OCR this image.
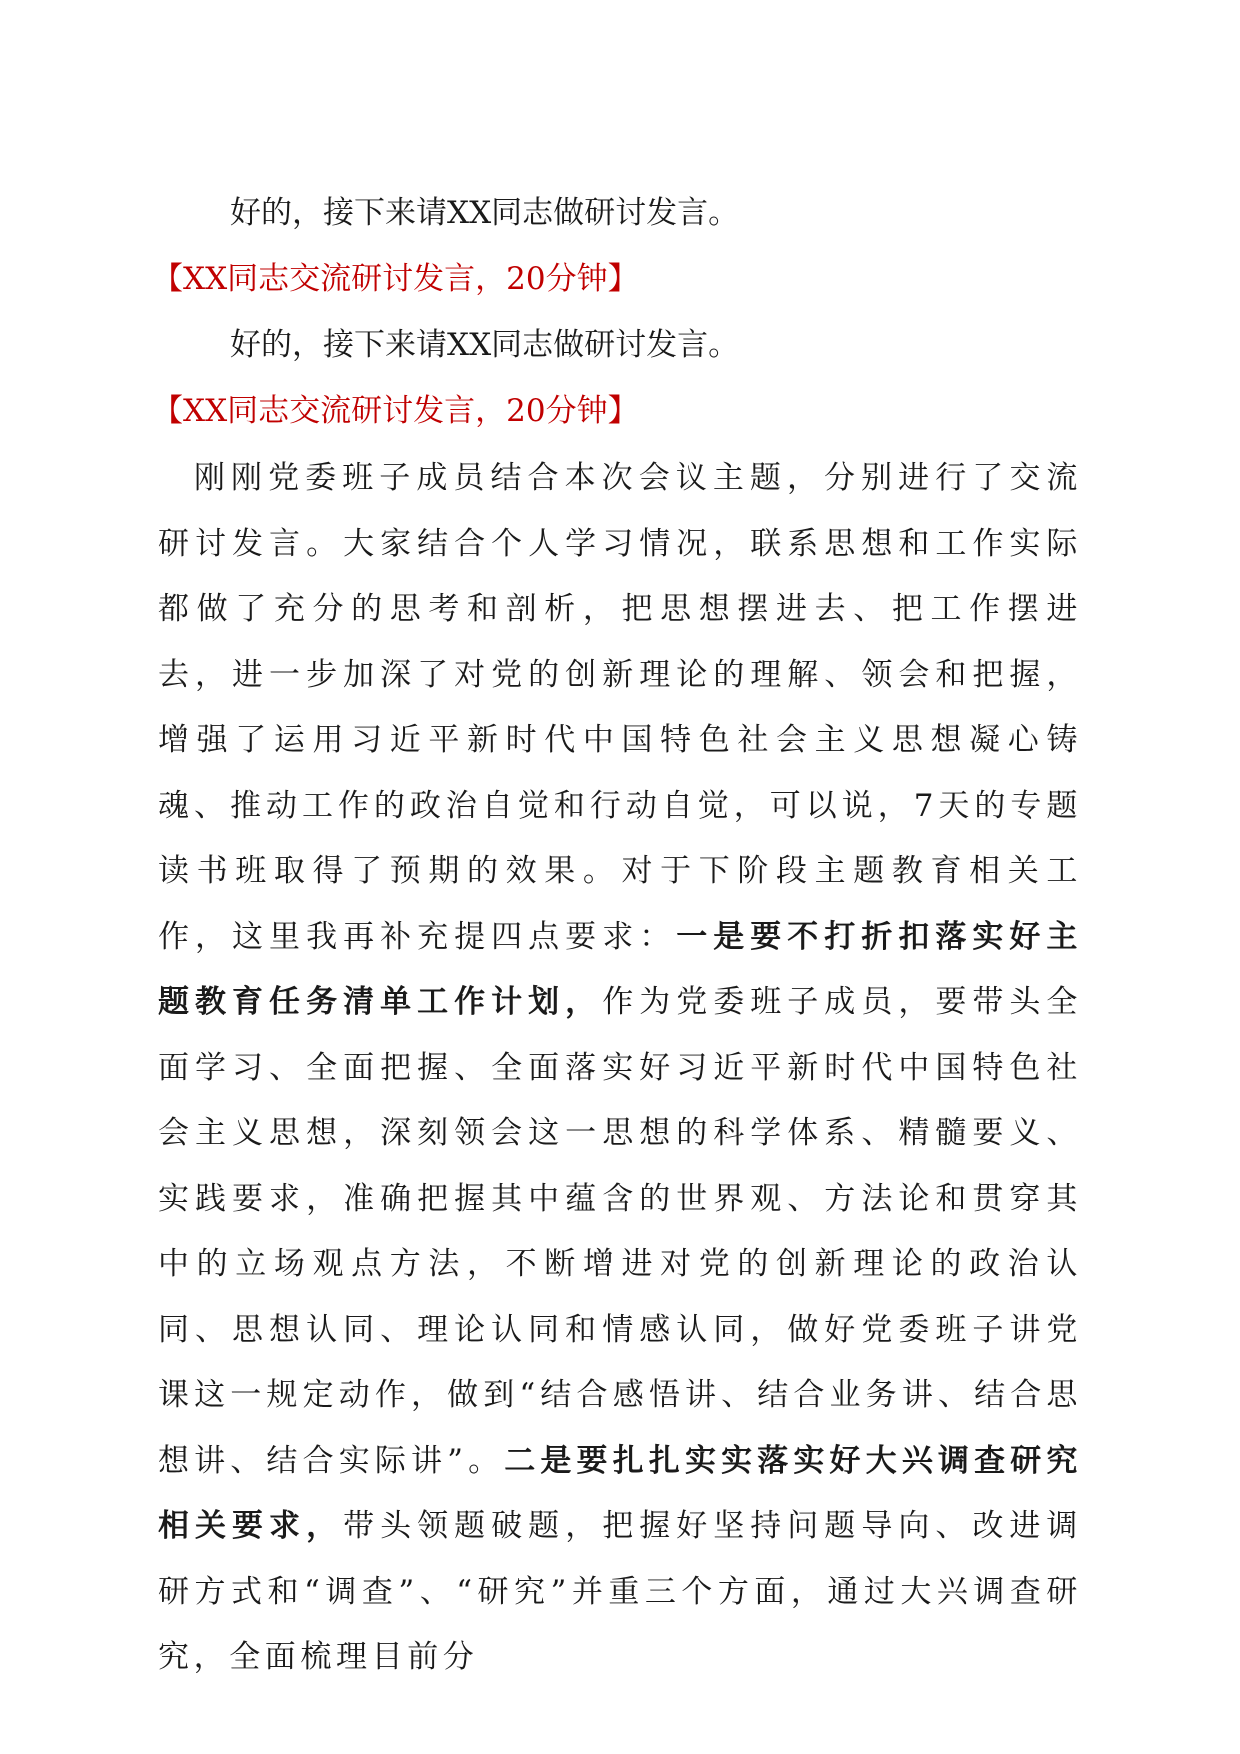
好的，接下来请XX同志做研讨发言。
【XX同志交流研讨发言，20分钟】
好的，接下来请XX同志做研讨发言。
【XX同志交流研讨发言，20分钟】
刚刚党委班子成员结合本次会议主题，分别进行了交流研讨发言。大家结合个人学习情况，联系思想和工作实际都做了充分的思考和剖析，把思想摆进去、把工作摆进去，进一步加深了对党的创新理论的理解、领会和把握，增强了运用习近平新时代中国特色社会主义思想凝心铸魂、推动工作的政治自觉和行动自觉，可以说，7天的专题读书班取得了预期的效果。对于下阶段主题教育相关工作，这里我再补充提四点要求：一是要不打折扣落实好主题教育任务清单工作计划，作为党委班子成员，要带头全面学习、全面把握、全面落实好习近平新时代中国特色社会主义思想，深刻领会这一思想的科学体系、精髓要义、实践要求，准确把握其中蕴含的世界观、方法论和贯穿其中的立场观点方法，不断增进对党的创新理论的政治认同、思想认同、理论认同和情感认同，做好党委班子讲党课这一规定动作，做到“结合感悟讲、结合业务讲、结合思想讲、结合实际讲”。二是要扎扎实实落实好大兴调查研究相关要求，带头领题破题，把握好坚持问题导向、改进调研方式和“调查”、“研究”并重三个方面，通过大兴调查研究，全面梳理目前分
